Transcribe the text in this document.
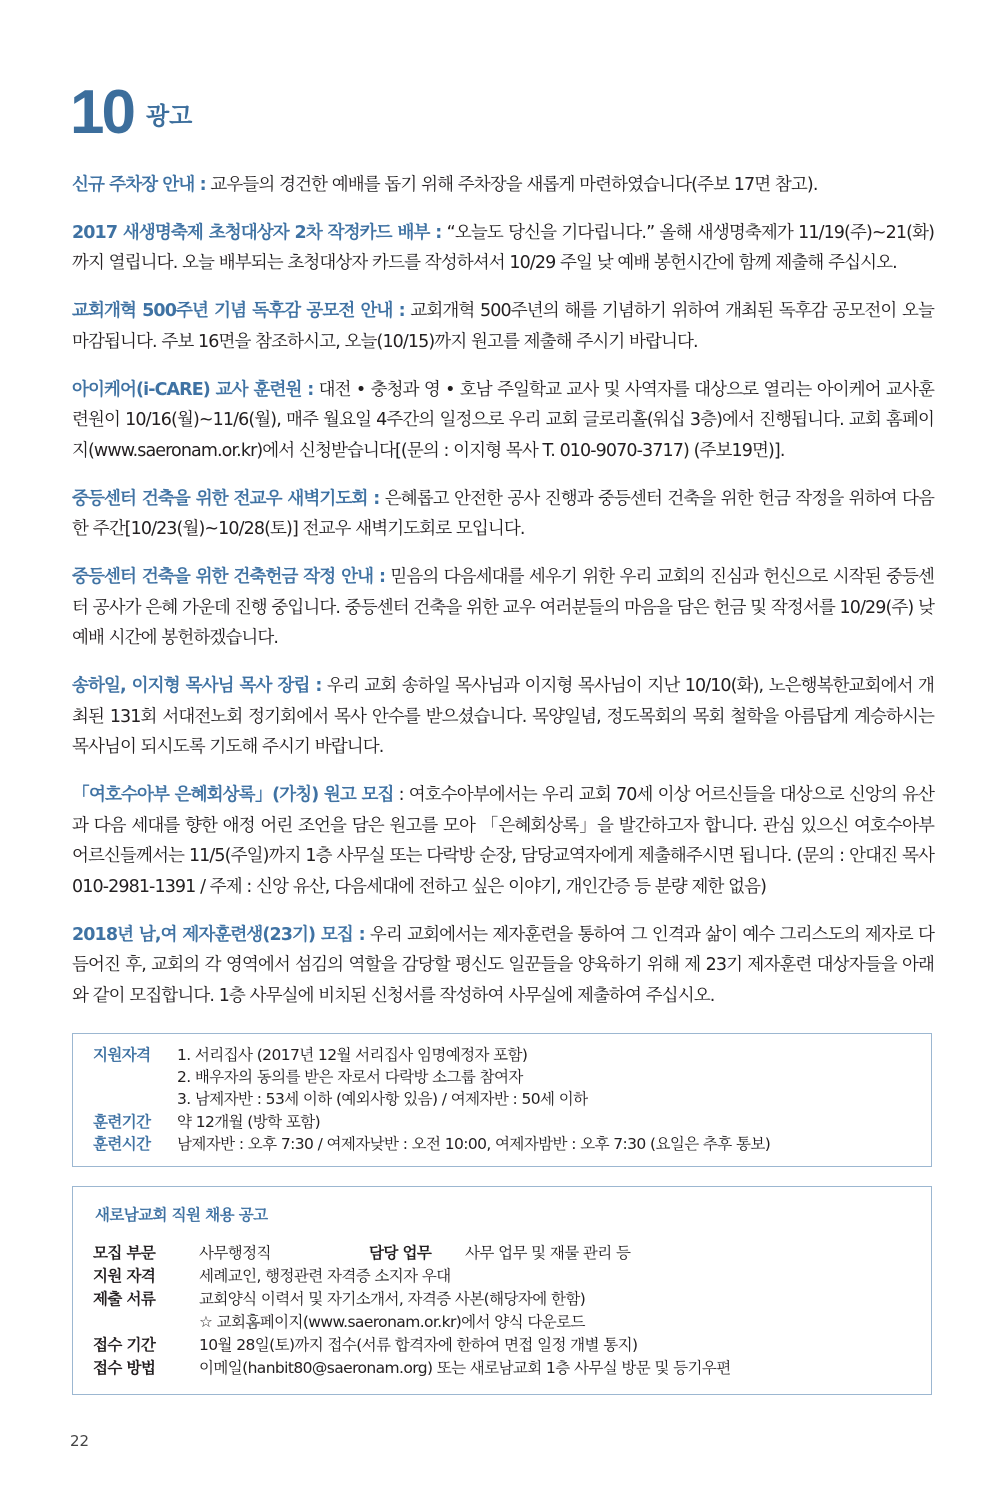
10 광고

신규 주차장 안내 : 교우들의 경건한 예배를 돕기 위해 주차장을 새롭게 마련하였습니다(주보 17면 참고).

2017 새생명축제 초청대상자 2차 작정카드 배부 : “오늘도 당신을 기다립니다.” 올해 새생명축제가 11/19(주)~21(화)까지 열립니다. 오늘 배부되는 초청대상자 카드를 작성하셔서 10/29 주일 낮 예배 봉헌시간에 함께 제출해 주십시오.

교회개혁 500주년 기념 독후감 공모전 안내 : 교회개혁 500주년의 해를 기념하기 위하여 개최된 독후감 공모전이 오늘 마감됩니다. 주보 16면을 참조하시고, 오늘(10/15)까지 원고를 제출해 주시기 바랍니다.

아이케어(i-CARE) 교사 훈련원 : 대전 • 충청과 영 • 호남 주일학교 교사 및 사역자를 대상으로 열리는 아이케어 교사훈련원이 10/16(월)~11/6(월), 매주 월요일 4주간의 일정으로 우리 교회 글로리홀(워십 3층)에서 진행됩니다. 교회 홈페이지(www.saeronam.or.kr)에서 신청받습니다[(문의 : 이지형 목사 T. 010-9070-3717) (주보19면)].

중등센터 건축을 위한 전교우 새벽기도회 : 은혜롭고 안전한 공사 진행과 중등센터 건축을 위한 헌금 작정을 위하여 다음 한 주간[10/23(월)~10/28(토)] 전교우 새벽기도회로 모입니다.

중등센터 건축을 위한 건축헌금 작정 안내 : 믿음의 다음세대를 세우기 위한 우리 교회의 진심과 헌신으로 시작된 중등센터 공사가 은혜 가운데 진행 중입니다. 중등센터 건축을 위한 교우 여러분들의 마음을 담은 헌금 및 작정서를 10/29(주) 낮예배 시간에 봉헌하겠습니다.

송하일, 이지형 목사님 목사 장립 : 우리 교회 송하일 목사님과 이지형 목사님이 지난 10/10(화), 노은행복한교회에서 개최된 131회 서대전노회 정기회에서 목사 안수를 받으셨습니다. 목양일념, 정도목회의 목회 철학을 아름답게 계승하시는 목사님이 되시도록 기도해 주시기 바랍니다.

「여호수아부 은혜회상록」(가칭) 원고 모집 : 여호수아부에서는 우리 교회 70세 이상 어르신들을 대상으로 신앙의 유산과 다음 세대를 향한 애정 어린 조언을 담은 원고를 모아 「은혜회상록」을 발간하고자 합니다. 관심 있으신 여호수아부 어르신들께서는 11/5(주일)까지 1층 사무실 또는 다락방 순장, 담당교역자에게 제출해주시면 됩니다. (문의 : 안대진 목사 010-2981-1391 / 주제 : 신앙 유산, 다음세대에 전하고 싶은 이야기, 개인간증 등 분량 제한 없음)

2018년 남,여 제자훈련생(23기) 모집 : 우리 교회에서는 제자훈련을 통하여 그 인격과 삶이 예수 그리스도의 제자로 다듬어진 후, 교회의 각 영역에서 섬김의 역할을 감당할 평신도 일꾼들을 양육하기 위해 제 23기 제자훈련 대상자들을 아래와 같이 모집합니다. 1층 사무실에 비치된 신청서를 작성하여 사무실에 제출하여 주십시오.

지원자격 1. 서리집사 (2017년 12월 서리집사 임명예정자 포함)
2. 배우자의 동의를 받은 자로서 다락방 소그룹 참여자
3. 남제자반 : 53세 이하 (예외사항 있음) / 여제자반 : 50세 이하
훈련기간 약 12개월 (방학 포함)
훈련시간 남제자반 : 오후 7:30 / 여제자낮반 : 오전 10:00, 여제자밤반 : 오후 7:30 (요일은 추후 통보)
새로남교회 직원 채용 공고
모집 부문	사무행정직	담당 업무 사무 업무 및 재물 관리 등
지원 자격	세례교인, 행정관련 자격증 소지자 우대
제출 서류	교회양식 이력서 및 자기소개서, 자격증 사본(해당자에 한함)
☆ 교회홈페이지(www.saeronam.or.kr)에서 양식 다운로드
접수 기간	10월 28일(토)까지 접수(서류 합격자에 한하여 면접 일정 개별 통지)
접수 방법	이메일(hanbit80@saeronam.org) 또는 새로남교회 1층 사무실 방문 및 등기우편
22
